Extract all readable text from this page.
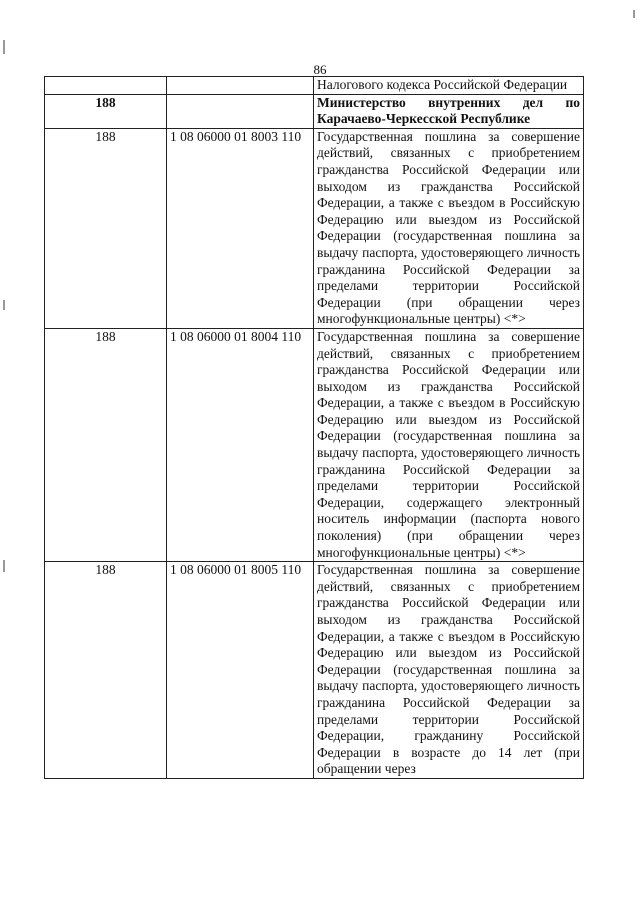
86
		Налогового кодекса Российской Федерации
188		Министерство внутренних дел по Карачаево-Черкесской Республике
188	1 08 06000 01 8003 110	Государственная пошлина за совершение действий, связанных с приобретением гражданства Российской Федерации или выходом из гражданства Российской Федерации, а также с въездом в Российскую Федерацию или выездом из Российской Федерации (государственная пошлина за выдачу паспорта, удостоверяющего личность гражданина Российской Федерации за пределами территории Российской Федерации (при обращении через многофункциональные центры) <*>
188	1 08 06000 01 8004 110	Государственная пошлина за совершение действий, связанных с приобретением гражданства Российской Федерации или выходом из гражданства Российской Федерации, а также с въездом в Российскую Федерацию или выездом из Российской Федерации (государственная пошлина за выдачу паспорта, удостоверяющего личность гражданина Российской Федерации за пределами территории Российской Федерации, содержащего электронный носитель информации (паспорта нового поколения) (при обращении через многофункциональные центры) <*>
188	1 08 06000 01 8005 110	Государственная пошлина за совершение действий, связанных с приобретением гражданства Российской Федерации или выходом из гражданства Российской Федерации, а также с въездом в Российскую Федерацию или выездом из Российской Федерации (государственная пошлина за выдачу паспорта, удостоверяющего личность гражданина Российской Федерации за пределами территории Российской Федерации, гражданину Российской Федерации в возрасте до 14 лет (при обращении через
